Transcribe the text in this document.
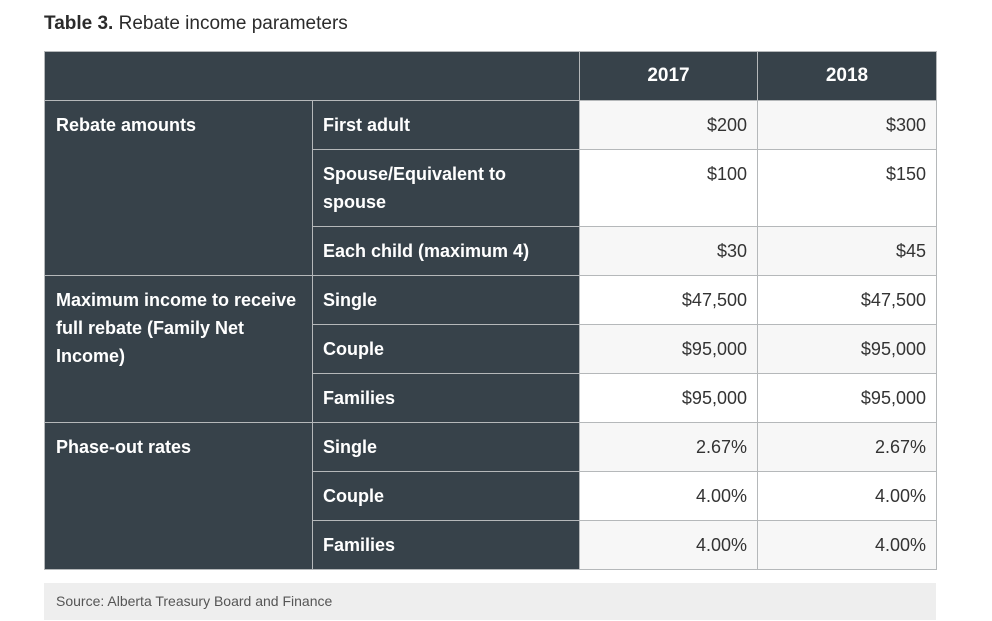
Table 3. Rebate income parameters
		2017	2018
Rebate amounts	First adult	$200	$300
	Spouse/Equivalent to spouse	$100	$150
	Each child (maximum 4)	$30	$45
Maximum income to receive full rebate (Family Net Income)	Single	$47,500	$47,500
	Couple	$95,000	$95,000
	Families	$95,000	$95,000
Phase-out rates	Single	2.67%	2.67%
	Couple	4.00%	4.00%
	Families	4.00%	4.00%
Source: Alberta Treasury Board and Finance
